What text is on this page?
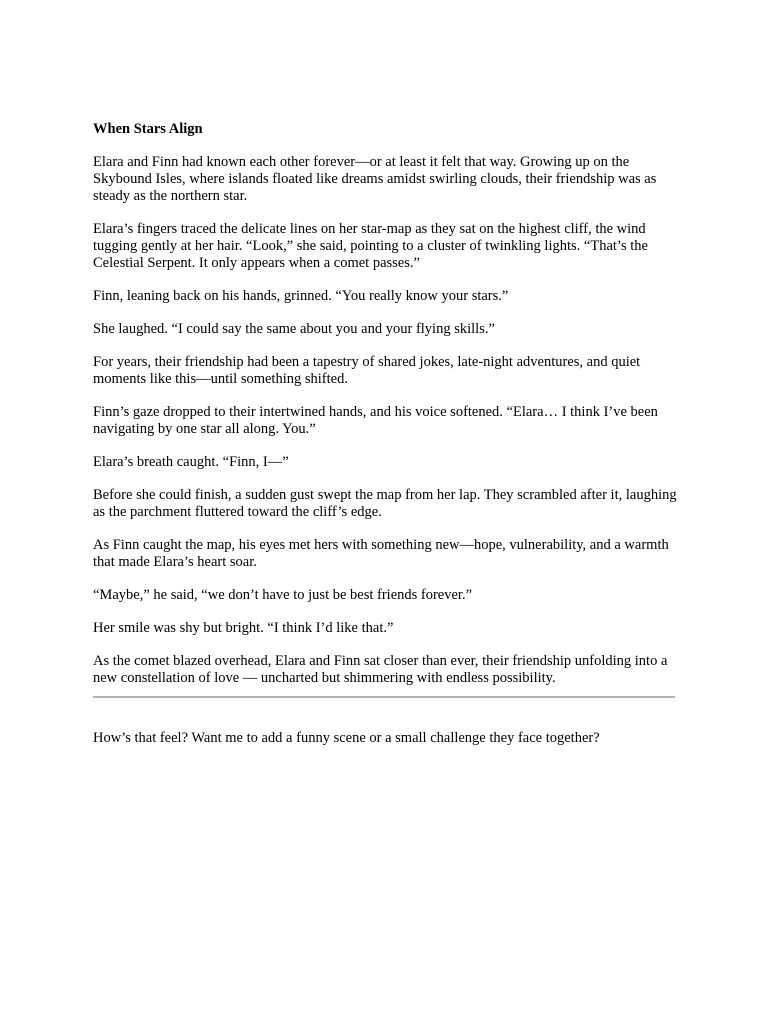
When Stars Align

Elara and Finn had known each other forever—or at least it felt that way. Growing up on the Skybound Isles, where islands floated like dreams amidst swirling clouds, their friendship was as steady as the northern star.

Elara’s fingers traced the delicate lines on her star-map as they sat on the highest cliff, the wind tugging gently at her hair. “Look,” she said, pointing to a cluster of twinkling lights. “That’s the Celestial Serpent. It only appears when a comet passes.”

Finn, leaning back on his hands, grinned. “You really know your stars.”

She laughed. “I could say the same about you and your flying skills.”

For years, their friendship had been a tapestry of shared jokes, late-night adventures, and quiet moments like this—until something shifted.

Finn’s gaze dropped to their intertwined hands, and his voice softened. “Elara… I think I’ve been navigating by one star all along. You.”

Elara’s breath caught. “Finn, I—”

Before she could finish, a sudden gust swept the map from her lap. They scrambled after it, laughing as the parchment fluttered toward the cliff’s edge.

As Finn caught the map, his eyes met hers with something new—hope, vulnerability, and a warmth that made Elara’s heart soar.

“Maybe,” he said, “we don’t have to just be best friends forever.”

Her smile was shy but bright. “I think I’d like that.”

As the comet blazed overhead, Elara and Finn sat closer than ever, their friendship unfolding into a new constellation of love — uncharted but shimmering with endless possibility.

How’s that feel? Want me to add a funny scene or a small challenge they face together?
